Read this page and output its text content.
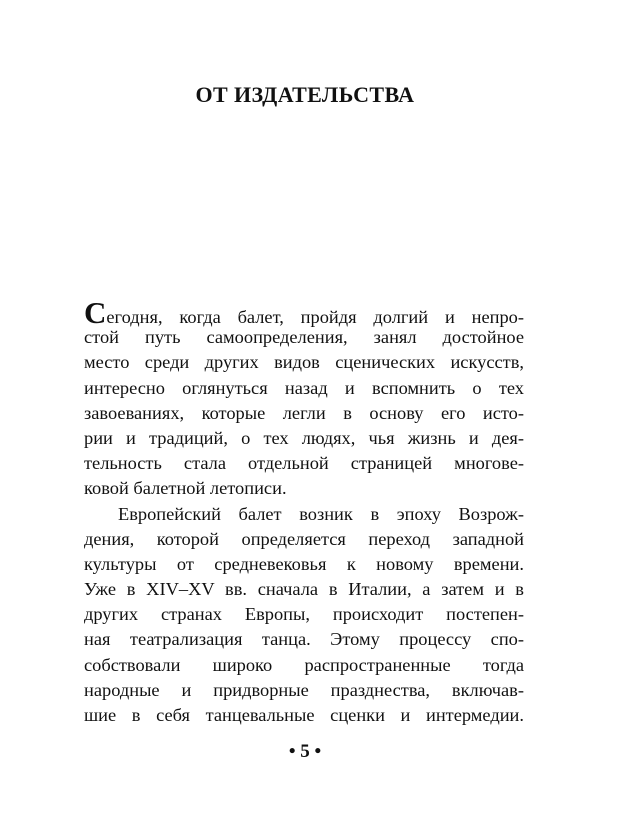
ОТ ИЗДАТЕЛЬСТВА
Сегодня, когда балет, пройдя долгий и непро-
стой путь самоопределения, занял достойное
место среди других видов сценических искусств,
интересно оглянуться назад и вспомнить о тех
завоеваниях, которые легли в основу его исто-
рии и традиций, о тех людях, чья жизнь и дея-
тельность стала отдельной страницей многове-
ковой балетной летописи.
Европейский балет возник в эпоху Возрож-
дения, которой определяется переход западной
культуры от средневековья к новому времени.
Уже в XIV–XV вв. сначала в Италии, а затем и в
других странах Европы, происходит постепен-
ная театрализация танца. Этому процессу спо-
собствовали широко распространенные тогда
народные и придворные празднества, включав-
шие в себя танцевальные сценки и интермедии.
• 5 •
